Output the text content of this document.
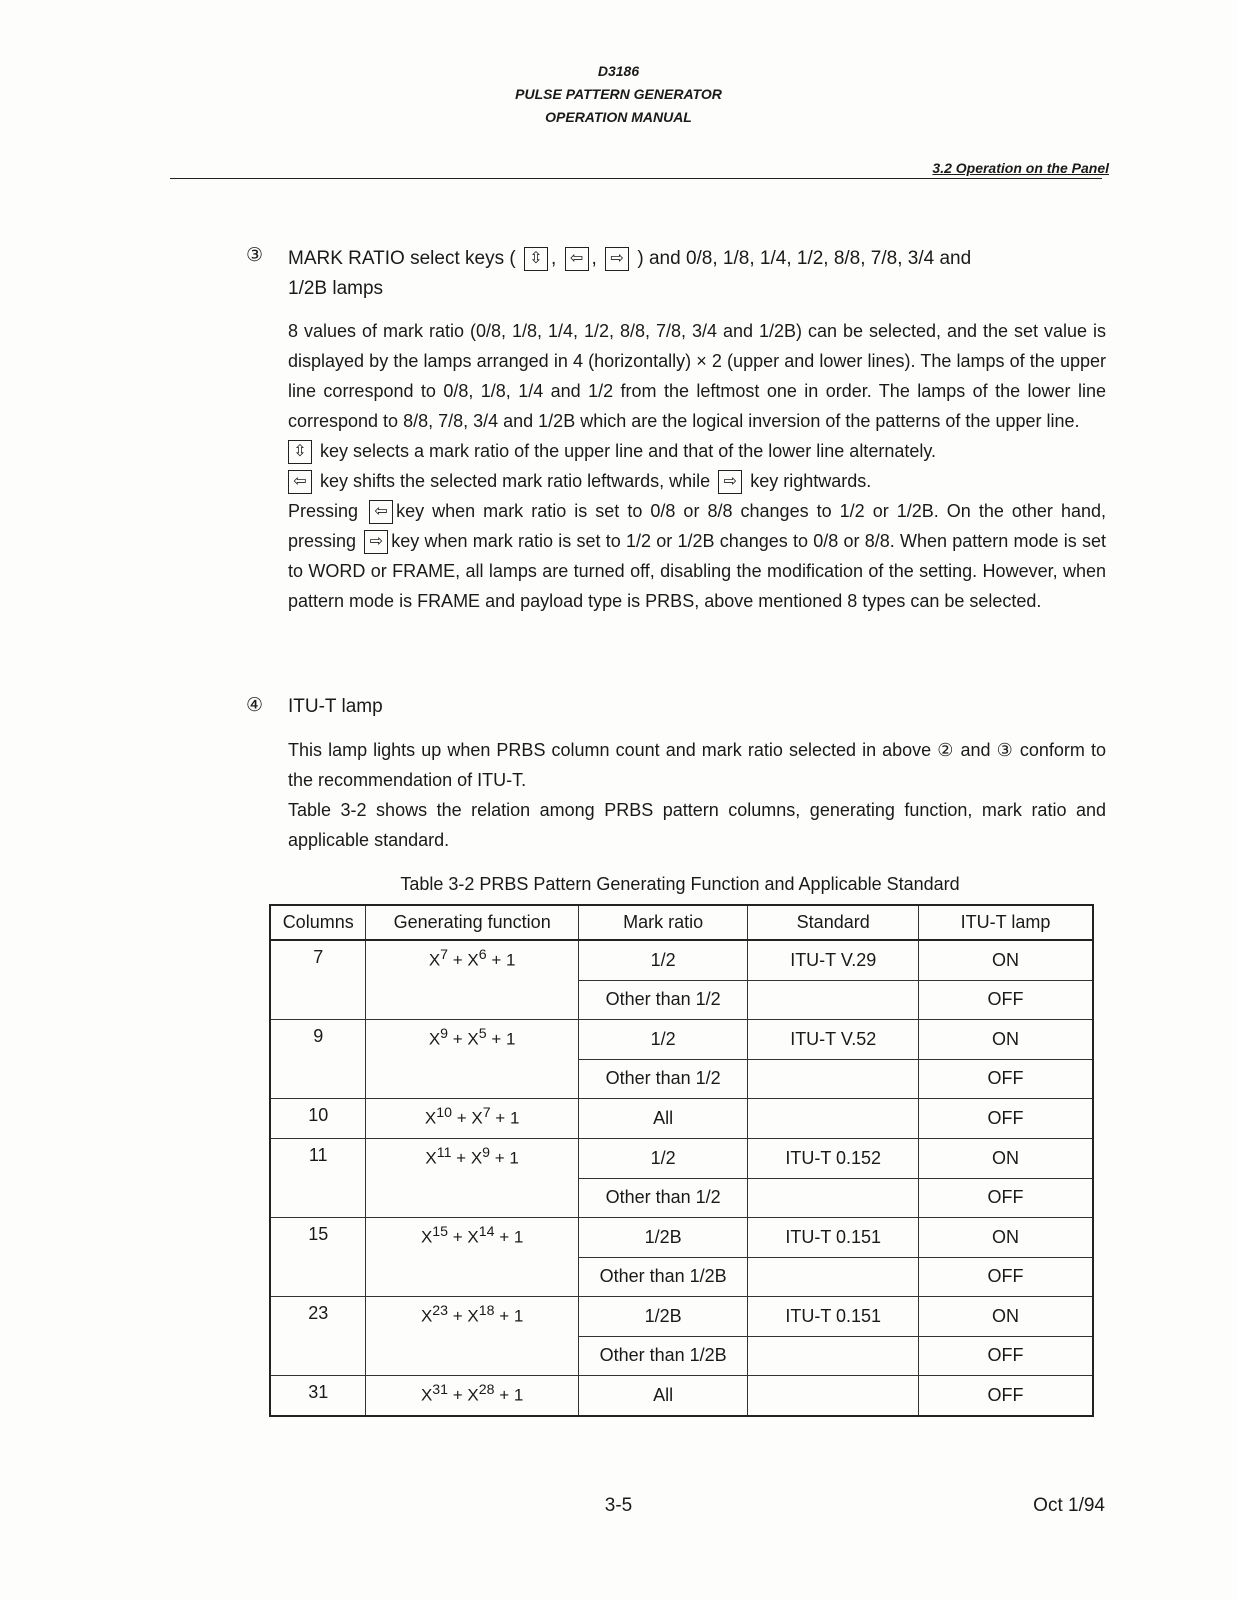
D3186
PULSE PATTERN GENERATOR
OPERATION MANUAL
3.2 Operation on the Panel
③ MARK RATIO select keys ( ⇳ , ⇦ , ⇨ ) and 0/8, 1/8, 1/4, 1/2, 8/8, 7/8, 3/4 and
1/2B lamps

8 values of mark ratio (0/8, 1/8, 1/4, 1/2, 8/8, 7/8, 3/4 and 1/2B) can be selected, and the set value is displayed by the lamps arranged in 4 (horizontally) × 2 (upper and lower lines). The lamps of the upper line correspond to 0/8, 1/8, 1/4 and 1/2 from the leftmost one in order. The lamps of the lower line correspond to 8/8, 7/8, 3/4 and 1/2B which are the logical inversion of the patterns of the upper line.

⇳ key selects a mark ratio of the upper line and that of the lower line alternately.

⇦ key shifts the selected mark ratio leftwards, while ⇨ key rightwards.

Pressing ⇦ key when mark ratio is set to 0/8 or 8/8 changes to 1/2 or 1/2B. On the other hand, pressing ⇨ key when mark ratio is set to 1/2 or 1/2B changes to 0/8 or 8/8. When pattern mode is set to WORD or FRAME, all lamps are turned off, disabling the modification of the setting. However, when pattern mode is FRAME and payload type is PRBS, above mentioned 8 types can be selected.

④ ITU-T lamp

This lamp lights up when PRBS column count and mark ratio selected in above ② and ③ conform to the recommendation of ITU-T.

Table 3-2 shows the relation among PRBS pattern columns, generating function, mark ratio and applicable standard.

Table 3-2 PRBS Pattern Generating Function and Applicable Standard
Columns	Generating function	Mark ratio	Standard	ITU-T lamp
7	$X^7 + X^6 + 1$	1/2	ITU-T V.29	ON
		Other than 1/2		OFF
9	$X^9 + X^5 + 1$	1/2	ITU-T V.52	ON
		Other than 1/2		OFF
10	$X^{10} + X^7 + 1$	All		OFF
11	$X^{11} + X^9 + 1$	1/2	ITU-T 0.152	ON
		Other than 1/2		OFF
15	$X^{15} + X^{14} + 1$	1/2B	ITU-T 0.151	ON
		Other than 1/2B		OFF
23	$X^{23} + X^{18} + 1$	1/2B	ITU-T 0.151	ON
		Other than 1/2B		OFF
31	$X^{31} + X^{28} + 1$	All		OFF
3-5	Oct 1/94
